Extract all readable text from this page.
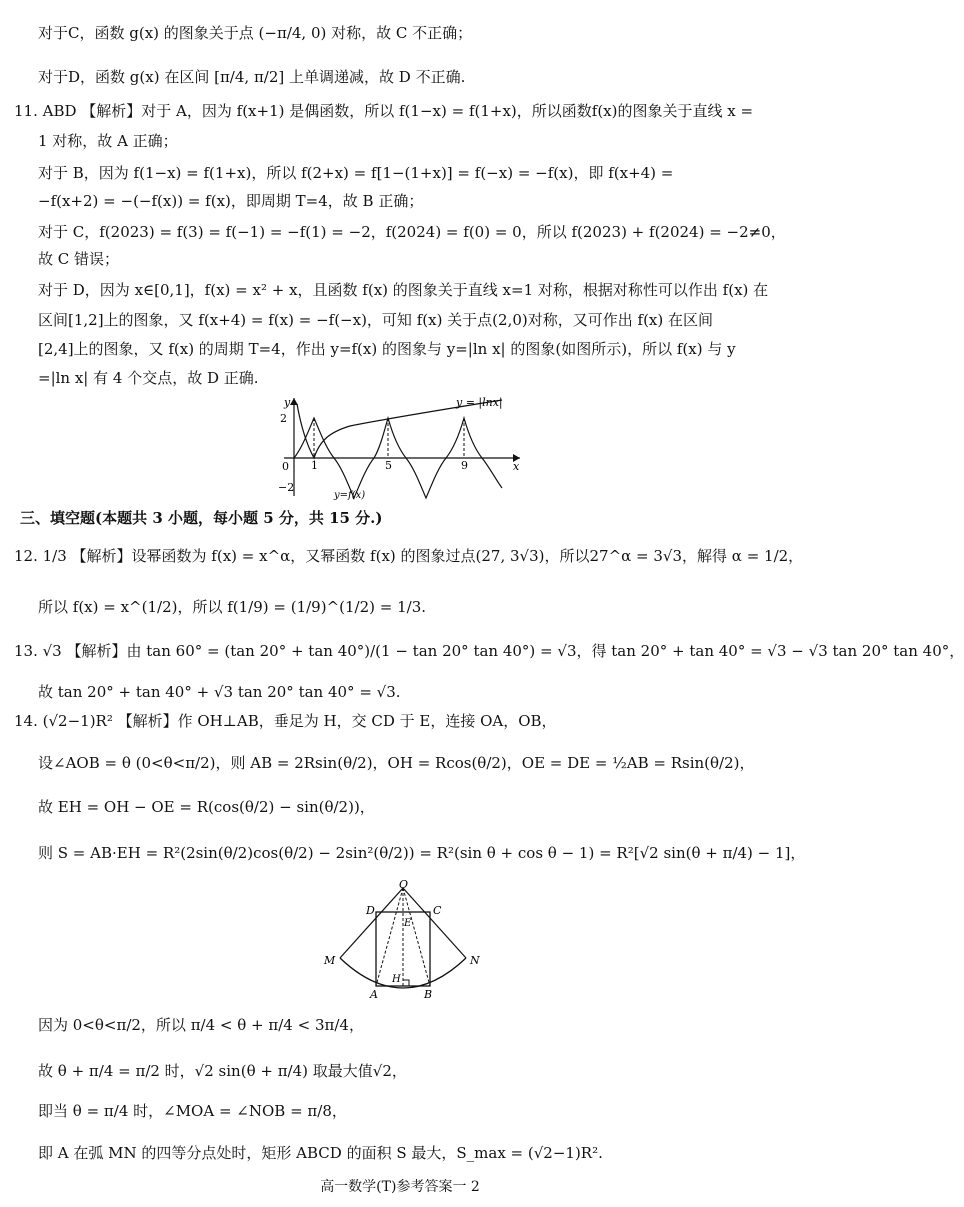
对于C，函数 g(x) 的图象关于点 (−π/4, 0) 对称，故 C 不正确；
对于D，函数 g(x) 在区间 [π/4, π/2] 上单调递减，故 D 不正确.
11. ABD 【解析】对于 A，因为 f(x+1) 是偶函数，所以 f(1−x) = f(1+x)，所以函数f(x)的图象关于直线 x =
1 对称，故 A 正确；
对于 B，因为 f(1−x) = f(1+x)，所以 f(2+x) = f[1−(1+x)] = f(−x) = −f(x)，即 f(x+4) =
−f(x+2) = −(−f(x)) = f(x)，即周期 T=4，故 B 正确；
对于 C，f(2023) = f(3) = f(−1) = −f(1) = −2，f(2024) = f(0) = 0，所以 f(2023) + f(2024) = −2≠0，
故 C 错误；
对于 D，因为 x∈[0,1]，f(x) = x² + x，且函数 f(x) 的图象关于直线 x=1 对称，根据对称性可以作出 f(x) 在
区间[1,2]上的图象，又 f(x+4) = f(x) = −f(−x)，可知 f(x) 关于点(2,0)对称，又可作出 f(x) 在区间
[2,4]上的图象，又 f(x) 的周期 T=4，作出 y=f(x) 的图象与 y=|ln x| 的图象(如图所示)，所以 f(x) 与 y
=|ln x| 有 4 个交点，故 D 正确.
y
2
−2
0 1	5	9	x
y = |lnx|
y=f(x)
三、填空题(本题共 3 小题，每小题 5 分，共 15 分.)
12. 1/3 【解析】设幂函数为 f(x) = x^α，又幂函数 f(x) 的图象过点(27, 3√3)，所以27^α = 3√3，解得 α = 1/2，
所以 f(x) = x^(1/2)，所以 f(1/9) = (1/9)^(1/2) = 1/3.
13. √3 【解析】由 tan 60° = (tan 20° + tan 40°)/(1 − tan 20° tan 40°) = √3，得 tan 20° + tan 40° = √3 − √3 tan 20° tan 40°，
故 tan 20° + tan 40° + √3 tan 20° tan 40° = √3.
14. (√2−1)R² 【解析】作 OH⊥AB，垂足为 H，交 CD 于 E，连接 OA，OB，
设∠AOB = θ (0<θ<π/2)，则 AB = 2Rsin(θ/2)，OH = Rcos(θ/2)，OE = DE = ½AB = Rsin(θ/2)，
故 EH = OH − OE = R(cos(θ/2) − sin(θ/2))，
则 S = AB·EH = R²(2sin(θ/2)cos(θ/2) − 2sin²(θ/2)) = R²(sin θ + cos θ − 1) = R²[√2 sin(θ + π/4) − 1]，
O
D	C
E
M	N
H
A	B
因为 0<θ<π/2，所以 π/4 < θ + π/4 < 3π/4，
故 θ + π/4 = π/2 时，√2 sin(θ + π/4) 取最大值√2，
即当 θ = π/4 时，∠MOA = ∠NOB = π/8，
即 A 在弧 MN 的四等分点处时，矩形 ABCD 的面积 S 最大，S_max = (√2−1)R².
高一数学(T)参考答案一 2
